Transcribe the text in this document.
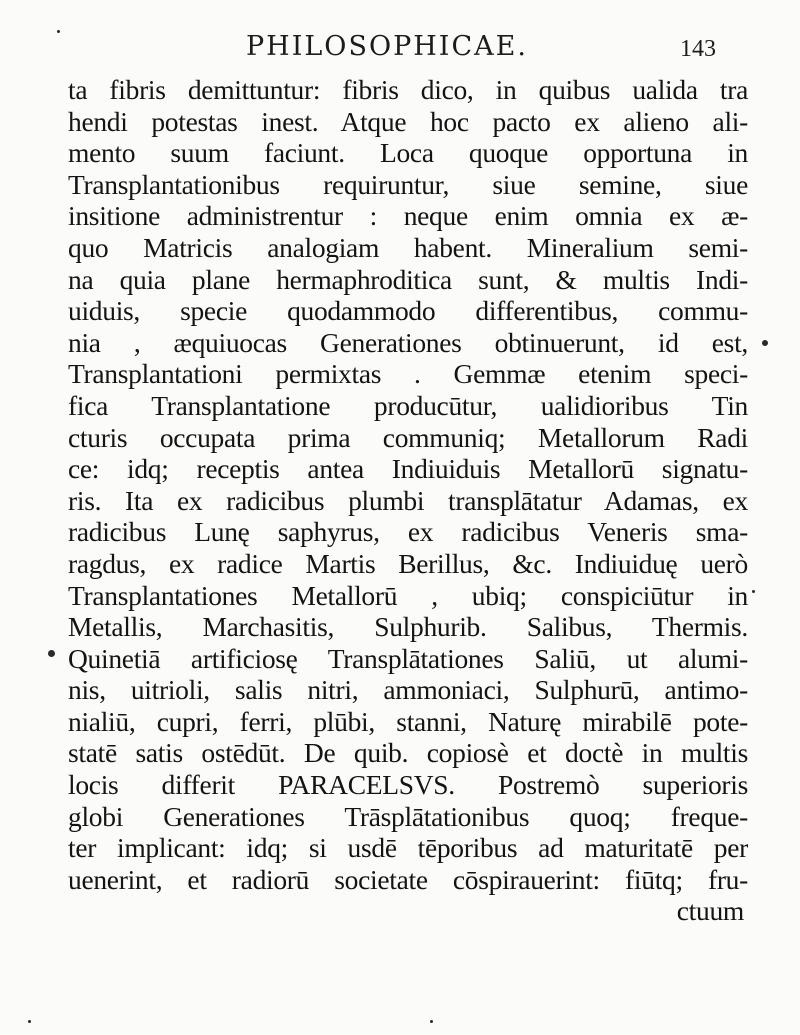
PHILOSOPHICAE.	143
ta fibris demittuntur: fibris dico, in quibus ualida tra
hendi potestas inest. Atque hoc pacto ex alieno ali-
mento suum faciunt. Loca quoque opportuna in
Transplantationibus requiruntur, siue semine, siue
insitione administrentur : neque enim omnia ex æ-
quo Matricis analogiam habent. Mineralium semi-
na quia plane hermaphroditica sunt, & multis Indi-
uiduis, specie quodammodo differentibus, commu-
nia , æquiuocas Generationes obtinuerunt, id est,
Transplantationi permixtas . Gemmæ etenim speci-
fica Transplantatione producūtur, ualidioribus Tin
cturis occupata prima communiq; Metallorum Radi
ce: idq; receptis antea Indiuiduis Metallorū signatu-
ris. Ita ex radicibus plumbi transplātatur Adamas, ex
radicibus Lunę saphyrus, ex radicibus Veneris sma-
ragdus, ex radice Martis Berillus, &c. Indiuiduę uerò
Transplantationes Metallorū , ubiq; conspiciūtur in
Metallis, Marchasitis, Sulphurib. Salibus, Thermis.
Quinetiā artificiosę Transplātationes Saliū, ut alumi-
nis, uitrioli, salis nitri, ammoniaci, Sulphurū, antimo-
nialiū, cupri, ferri, plūbi, stanni, Naturę mirabilē pote-
statē satis ostēdūt. De quib. copiosè et doctè in multis
locis differit PARACELSVS. Postremò superioris
globi Generationes Trāsplātationibus quoq; freque-
ter implicant: idq; si usdē tēporibus ad maturitatē per
uenerint, et radiorū societate cōspirauerint: fiūtq; fru-
ctuum
